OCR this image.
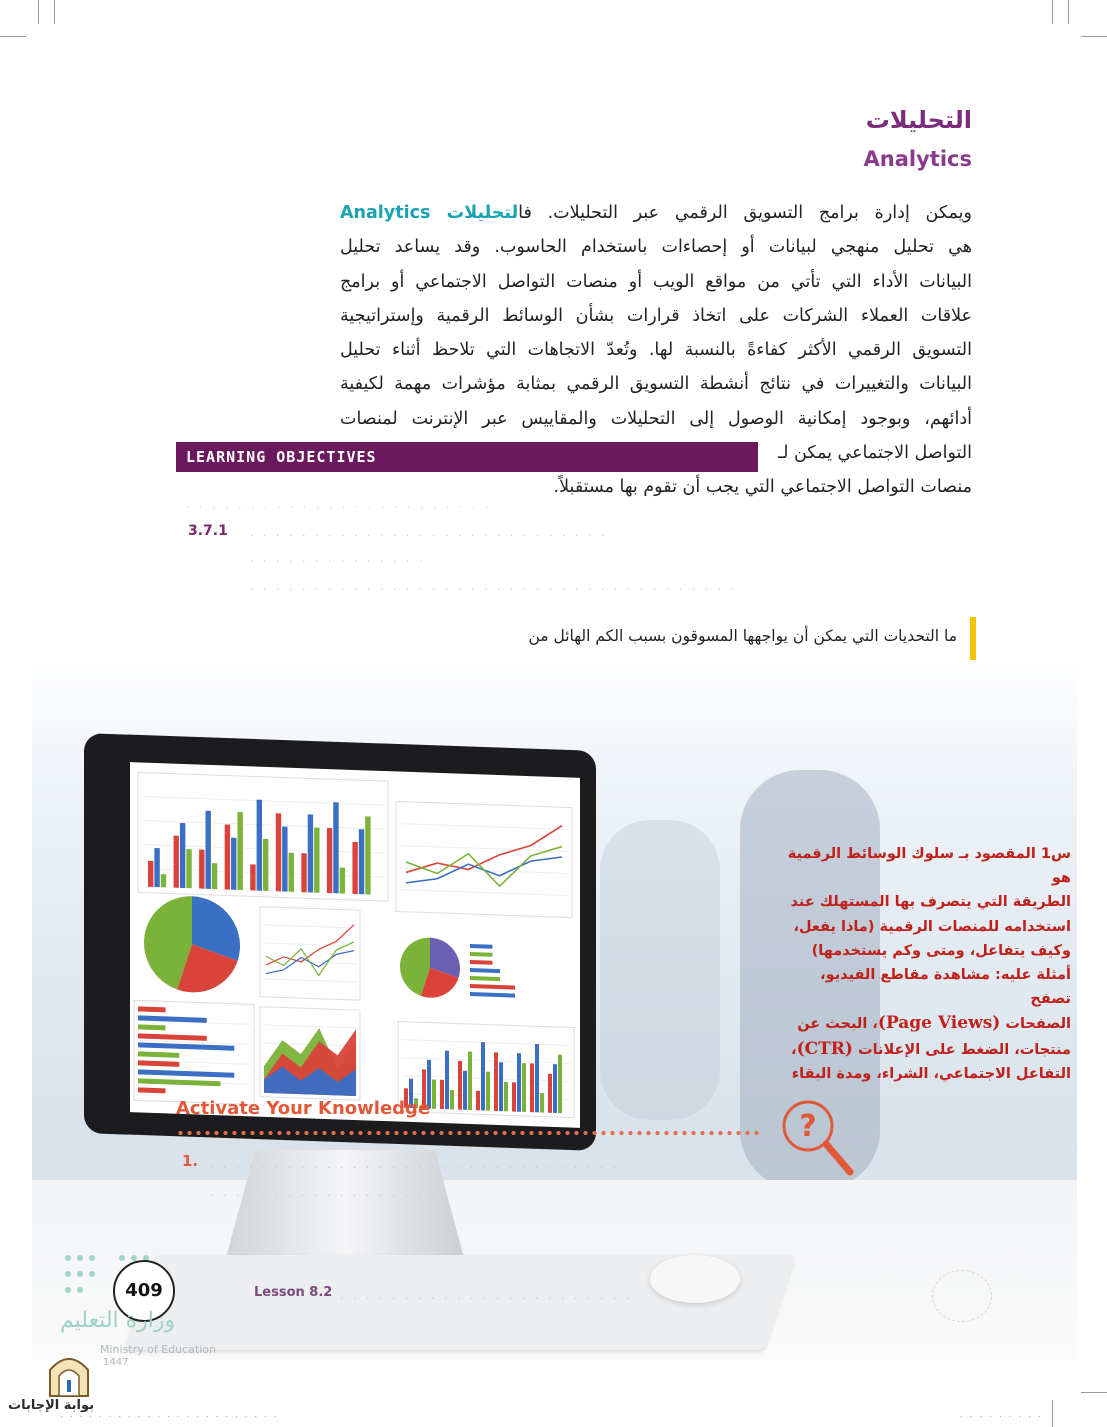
التحليلات
Analytics
ويمكن إدارة برامج التسويق الرقمي عبر التحليلات. فالتحليلات Analytics
هي تحليل منهجي لبيانات أو إحصاءات باستخدام الحاسوب. وقد يساعد تحليل
البيانات الأداء التي تأتي من مواقع الويب أو منصات التواصل الاجتماعي أو برامج
علاقات العملاء الشركات على اتخاذ قرارات بشأن الوسائط الرقمية وإستراتيجية
التسويق الرقمي الأكثر كفاءةً بالنسبة لها. وتُعدّ الاتجاهات التي تلاحظ أثناء تحليل
البيانات والتغييرات في نتائج أنشطة التسويق الرقمي بمثابة مؤشرات مهمة لكيفية
أدائهم، وبوجود إمكانية الوصول إلى التحليلات والمقاييس عبر الإنترنت لمنصات
التواصل الاجتماعي يمكن لـ
منصات التواصل الاجتماعي التي يجب أن تقوم بها مستقبلاً.
LEARNING OBJECTIVES
. . . . . . . . . . . . . . . . . . . . . . . .
3.7.1 . . . . . . . . . . . . . . . . . . . . . . . . . . . .
. . . . . . . . . . . . . .
. . . . . . . . . . . . . . . . . . . . . . . . . . . . . . . . . . . . . .
ما التحديات التي يمكن أن يواجهها المسوقون بسبب الكم الهائل من
س1 المقصود بـ سلوك الوسائط الرقمية هو
الطريقة التي يتصرف بها المستهلك عند
استخدامه للمنصات الرقمية (ماذا يفعل،
وكيف يتفاعل، ومتى وكم يستخدمها)
أمثلة عليه: مشاهدة مقاطع الفيديو، تصفح
الصفحات (Page Views)، البحث عن
منتجات، الضغط على الإعلانات (CTR)،
التفاعل الاجتماعي، الشراء، ومدة البقاء
Activate Your Knowledge
1. . . . . . . . . . . . . . . . . . . . . . . . . . . . . . . . .
. . . . . . . . . . . . . . . . . . .
?
409	Lesson 8.2 . . . . . . . . . . . . . . . . . . . . . . .
وزارة التعليم
Ministry of Education
1447
بوابة الإجابات
. . . . . . . . . . . . . . . . . . . . . . .	. . . . . . . . .
